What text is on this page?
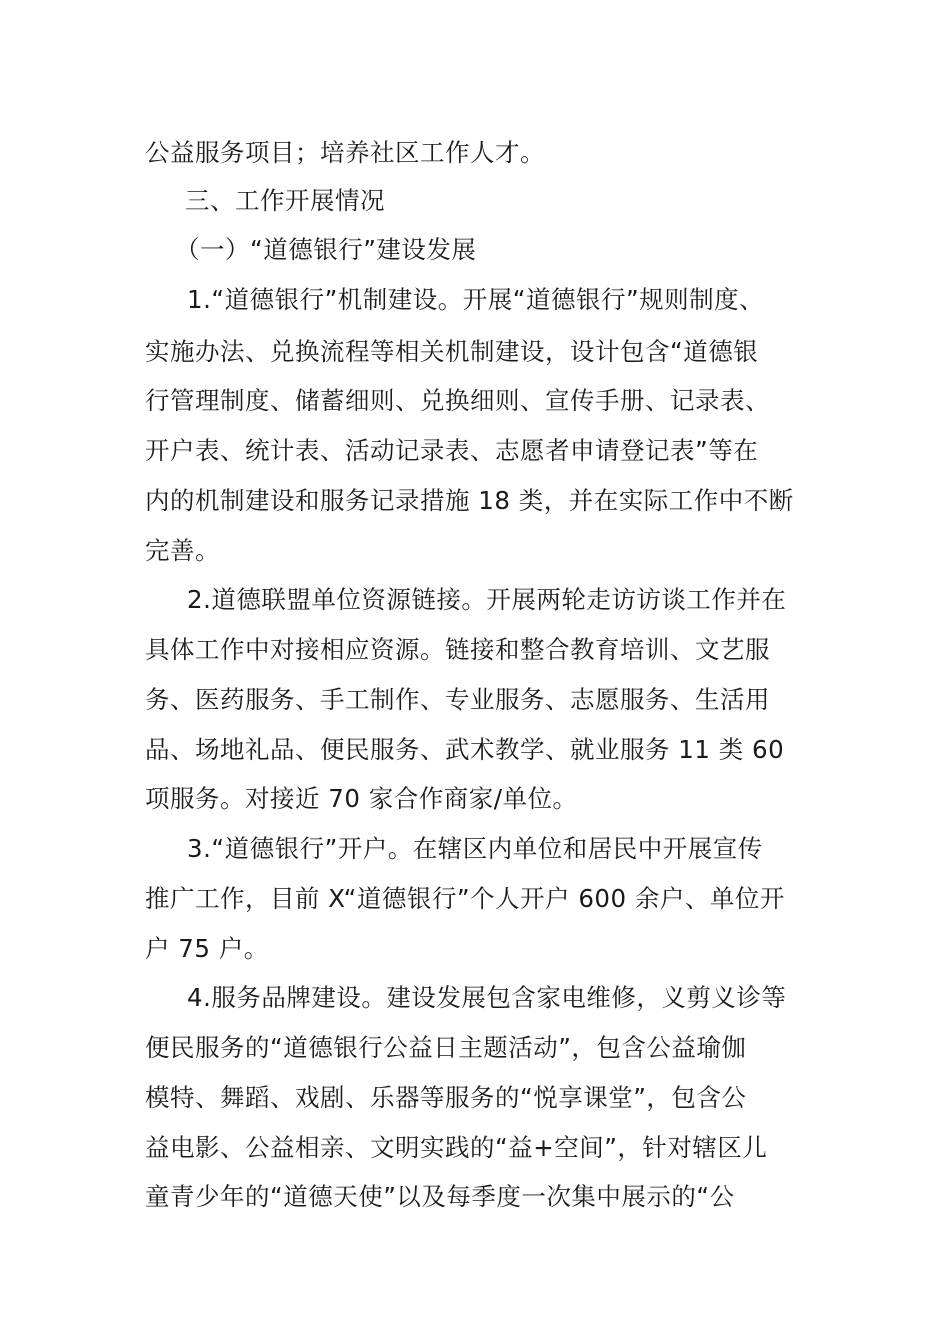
公益服务项目；培养社区工作人才。
三、工作开展情况
（一）“道德银行”建设发展
1.“道德银行”机制建设。开展“道德银行”规则制度、
实施办法、兑换流程等相关机制建设，设计包含“道德银
行管理制度、储蓄细则、兑换细则、宣传手册、记录表、
开户表、统计表、活动记录表、志愿者申请登记表”等在
内的机制建设和服务记录措施 18 类，并在实际工作中不断
完善。
2.道德联盟单位资源链接。开展两轮走访访谈工作并在
具体工作中对接相应资源。链接和整合教育培训、文艺服
务、医药服务、手工制作、专业服务、志愿服务、生活用
品、场地礼品、便民服务、武术教学、就业服务 11 类 60
项服务。对接近 70 家合作商家/单位。
3.“道德银行”开户。在辖区内单位和居民中开展宣传
推广工作，目前 X“道德银行”个人开户 600 余户、单位开
户 75 户。
4.服务品牌建设。建设发展包含家电维修，义剪义诊等
便民服务的“道德银行公益日主题活动”，包含公益瑜伽
模特、舞蹈、戏剧、乐器等服务的“悦享课堂”，包含公
益电影、公益相亲、文明实践的“益+空间”，针对辖区儿
童青少年的“道德天使”以及每季度一次集中展示的“公
